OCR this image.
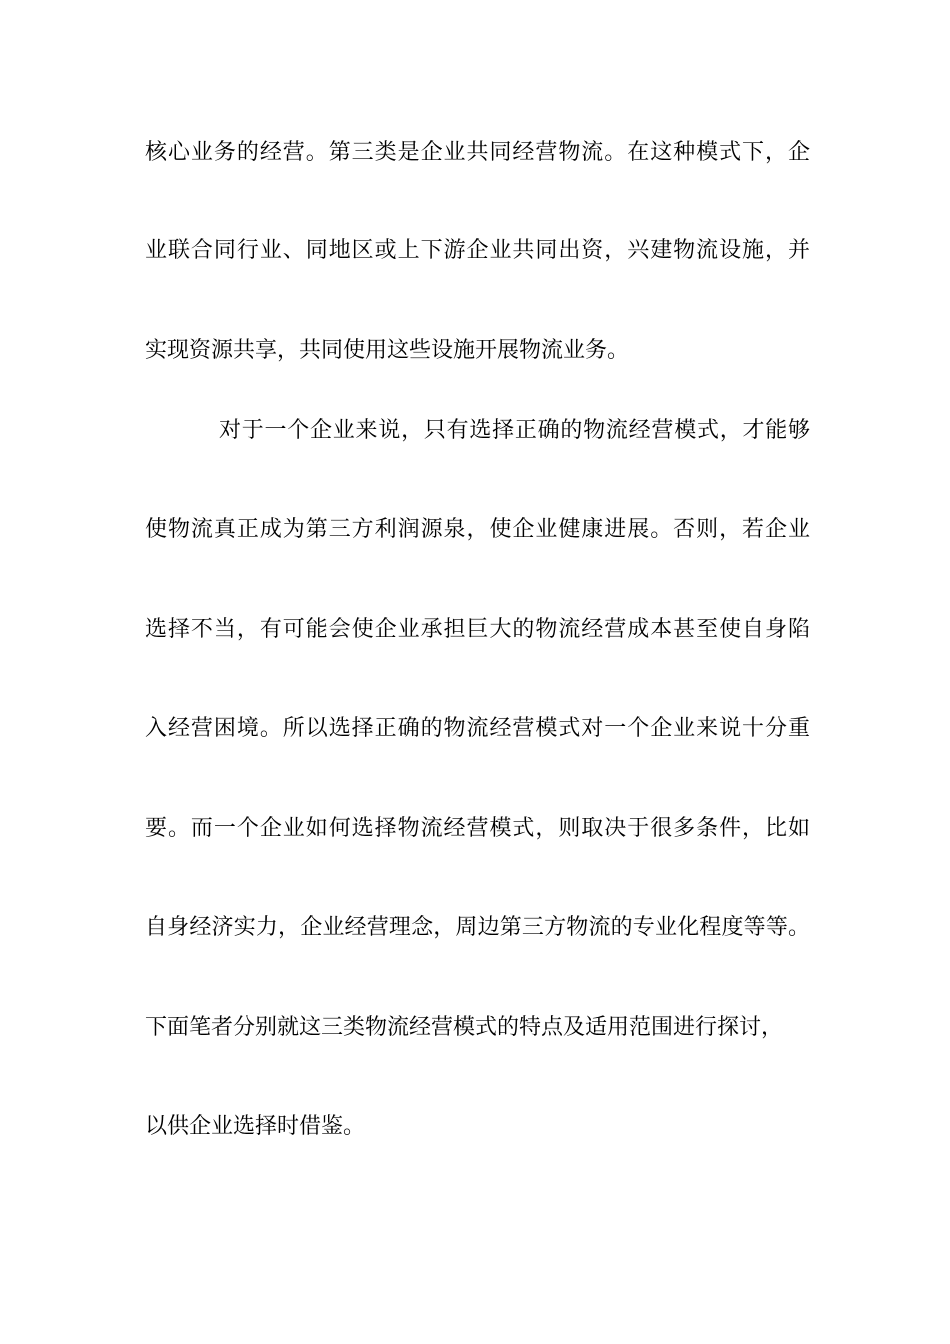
核心业务的经营。第三类是企业共同经营物流。在这种模式下，企
业联合同行业、同地区或上下游企业共同出资，兴建物流设施，并
实现资源共享，共同使用这些设施开展物流业务。
对于一个企业来说，只有选择正确的物流经营模式，才能够
使物流真正成为第三方利润源泉，使企业健康进展。否则，若企业
选择不当，有可能会使企业承担巨大的物流经营成本甚至使自身陷
入经营困境。所以选择正确的物流经营模式对一个企业来说十分重
要。而一个企业如何选择物流经营模式，则取决于很多条件，比如
自身经济实力，企业经营理念，周边第三方物流的专业化程度等等。
下面笔者分别就这三类物流经营模式的特点及适用范围进行探讨，
以供企业选择时借鉴。
